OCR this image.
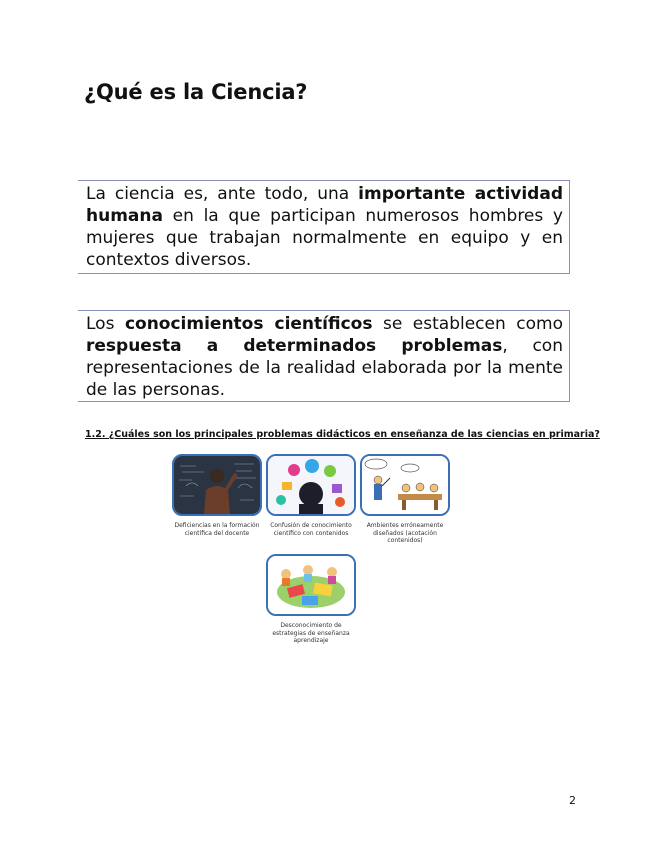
¿Qué es la Ciencia?
La ciencia es, ante todo, una importante actividad humana en la que participan numerosos hombres y mujeres que trabajan normalmente en equipo y en contextos diversos.
Los conocimientos científicos se establecen como respuesta a determinados problemas, con representaciones de la realidad elaborada por la mente de las personas.
1.2. ¿Cuáles son los principales problemas didácticos en enseñanza de las ciencias en primaria?
Deficiencias en la formación científica del docente
Confusión de conocimiento científico con contenidos
Ambientes erróneamente diseñados (acotación contenidos)
Desconocimiento de estrategias de enseñanza aprendizaje
2
